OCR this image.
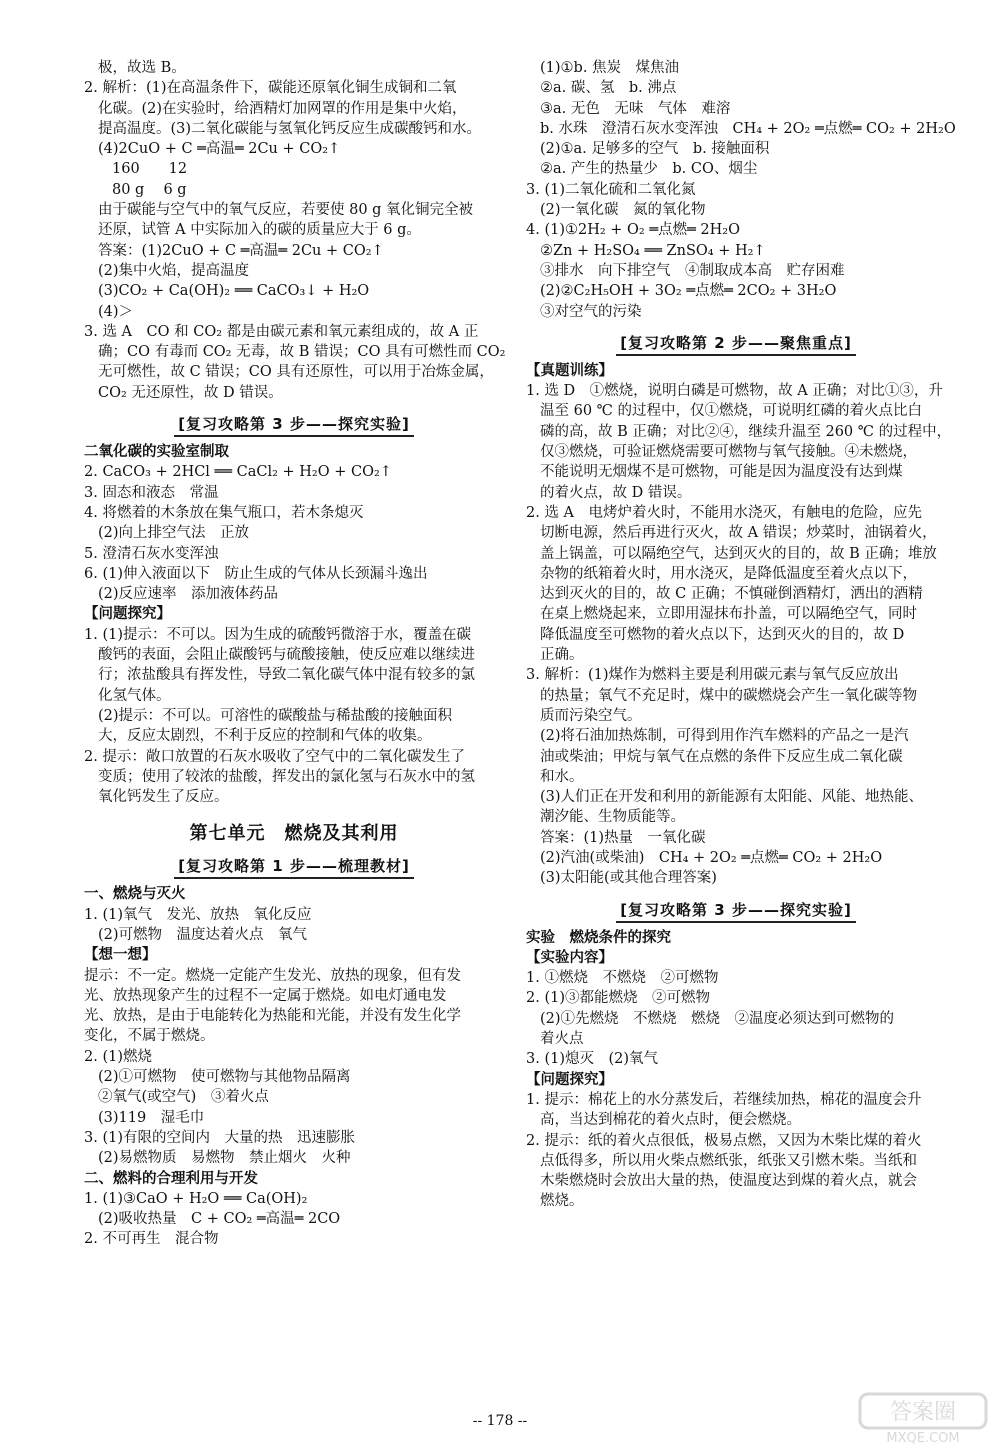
极，故选 B。
2. 解析：(1)在高温条件下，碳能还原氧化铜生成铜和二氧
化碳。(2)在实验时，给酒精灯加网罩的作用是集中火焰，
提高温度。(3)二氧化碳能与氢氧化钙反应生成碳酸钙和水。
(4)2CuO + C ═高温═ 2Cu + CO₂↑
160　　12
80 g　 6 g
由于碳能与空气中的氧气反应，若要使 80 g 氧化铜完全被
还原，试管 A 中实际加入的碳的质量应大于 6 g。
答案：(1)2CuO + C ═高温═ 2Cu + CO₂↑
(2)集中火焰，提高温度
(3)CO₂ + Ca(OH)₂ ══ CaCO₃↓ + H₂O
(4)＞
3. 选 A　CO 和 CO₂ 都是由碳元素和氧元素组成的，故 A 正
确；CO 有毒而 CO₂ 无毒，故 B 错误；CO 具有可燃性而 CO₂
无可燃性，故 C 错误；CO 具有还原性，可以用于冶炼金属，
CO₂ 无还原性，故 D 错误。
[复习攻略第 3 步——探究实验]
二氧化碳的实验室制取
2. CaCO₃ + 2HCl ══ CaCl₂ + H₂O + CO₂↑
3. 固态和液态　常温
4. 将燃着的木条放在集气瓶口，若木条熄灭
(2)向上排空气法　正放
5. 澄清石灰水变浑浊
6. (1)伸入液面以下　防止生成的气体从长颈漏斗逸出
(2)反应速率　添加液体药品
【问题探究】
1. (1)提示：不可以。因为生成的硫酸钙微溶于水，覆盖在碳
酸钙的表面，会阻止碳酸钙与硫酸接触，使反应难以继续进
行；浓盐酸具有挥发性，导致二氧化碳气体中混有较多的氯
化氢气体。
(2)提示：不可以。可溶性的碳酸盐与稀盐酸的接触面积
大，反应太剧烈，不利于反应的控制和气体的收集。
2. 提示：敞口放置的石灰水吸收了空气中的二氧化碳发生了
变质；使用了较浓的盐酸，挥发出的氯化氢与石灰水中的氢
氧化钙发生了反应。
第七单元　燃烧及其利用
[复习攻略第 1 步——梳理教材]
一、燃烧与灭火
1. (1)氧气　发光、放热　氧化反应
(2)可燃物　温度达着火点　氧气
【想一想】
提示：不一定。燃烧一定能产生发光、放热的现象，但有发
光、放热现象产生的过程不一定属于燃烧。如电灯通电发
光、放热，是由于电能转化为热能和光能，并没有发生化学
变化，不属于燃烧。
2. (1)燃烧
(2)①可燃物　使可燃物与其他物品隔离
②氧气(或空气)　③着火点
(3)119　湿毛巾
3. (1)有限的空间内　大量的热　迅速膨胀
(2)易燃物质　易燃物　禁止烟火　火种
二、燃料的合理利用与开发
1. (1)③CaO + H₂O ══ Ca(OH)₂
(2)吸收热量　C + CO₂ ═高温═ 2CO
2. 不可再生　混合物
(1)①b. 焦炭　煤焦油
②a. 碳、氢　b. 沸点
③a. 无色　无味　气体　难溶
b. 水珠　澄清石灰水变浑浊　CH₄ + 2O₂ ═点燃═ CO₂ + 2H₂O
(2)①a. 足够多的空气　b. 接触面积
②a. 产生的热量少　b. CO、烟尘
3. (1)二氧化硫和二氧化氮
(2)一氧化碳　氮的氧化物
4. (1)①2H₂ + O₂ ═点燃═ 2H₂O
②Zn + H₂SO₄ ══ ZnSO₄ + H₂↑
③排水　向下排空气　④制取成本高　贮存困难
(2)②C₂H₅OH + 3O₂ ═点燃═ 2CO₂ + 3H₂O
③对空气的污染
[复习攻略第 2 步——聚焦重点]
【真题训练】
1. 选 D　①燃烧，说明白磷是可燃物，故 A 正确；对比①③，升
温至 60 ℃ 的过程中，仅①燃烧，可说明红磷的着火点比白
磷的高，故 B 正确；对比②④，继续升温至 260 ℃ 的过程中，
仅③燃烧，可验证燃烧需要可燃物与氧气接触。④未燃烧，
不能说明无烟煤不是可燃物，可能是因为温度没有达到煤
的着火点，故 D 错误。
2. 选 A　电烤炉着火时，不能用水浇灭，有触电的危险，应先
切断电源，然后再进行灭火，故 A 错误；炒菜时，油锅着火，
盖上锅盖，可以隔绝空气，达到灭火的目的，故 B 正确；堆放
杂物的纸箱着火时，用水浇灭，是降低温度至着火点以下，
达到灭火的目的，故 C 正确；不慎碰倒酒精灯，洒出的酒精
在桌上燃烧起来，立即用湿抹布扑盖，可以隔绝空气，同时
降低温度至可燃物的着火点以下，达到灭火的目的，故 D
正确。
3. 解析：(1)煤作为燃料主要是利用碳元素与氧气反应放出
的热量；氧气不充足时，煤中的碳燃烧会产生一氧化碳等物
质而污染空气。
(2)将石油加热炼制，可得到用作汽车燃料的产品之一是汽
油或柴油；甲烷与氧气在点燃的条件下反应生成二氧化碳
和水。
(3)人们正在开发和利用的新能源有太阳能、风能、地热能、
潮汐能、生物质能等。
答案：(1)热量　一氧化碳
(2)汽油(或柴油)　CH₄ + 2O₂ ═点燃═ CO₂ + 2H₂O
(3)太阳能(或其他合理答案)
[复习攻略第 3 步——探究实验]
实验　燃烧条件的探究
【实验内容】
1. ①燃烧　不燃烧　②可燃物
2. (1)③都能燃烧　②可燃物
(2)①先燃烧　不燃烧　燃烧　②温度必须达到可燃物的
着火点
3. (1)熄灭　(2)氧气
【问题探究】
1. 提示：棉花上的水分蒸发后，若继续加热，棉花的温度会升
高，当达到棉花的着火点时，便会燃烧。
2. 提示：纸的着火点很低，极易点燃，又因为木柴比煤的着火
点低得多，所以用火柴点燃纸张，纸张又引燃木柴。当纸和
木柴燃烧时会放出大量的热，使温度达到煤的着火点，就会
燃烧。
-- 178 --	答案圈
MXQE.COM
